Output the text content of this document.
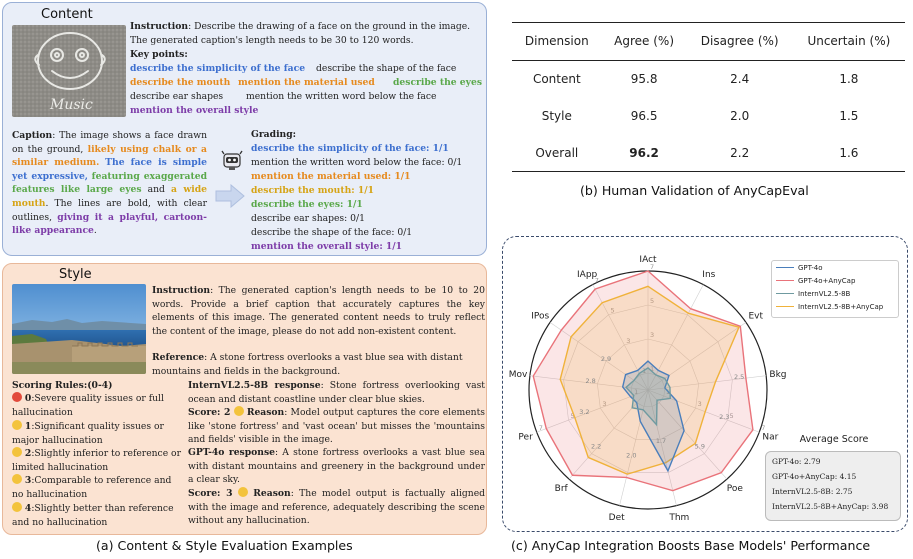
Content
Music
Instruction: Describe the drawing of a face on the ground in the image. The generated caption's length needs to be 30 to 120 words.
Key points:
describe the simplicity of the face describe the shape of the face
describe the mouth mention the material used describe the eyes
describe ear shapes mention the written word below the face
mention the overall style
Caption: The image shows a face drawn on the ground, likely using chalk or a similar medium. The face is simple yet expressive, featuring exaggerated features like large eyes and a wide mouth. The lines are bold, with clear outlines, giving it a playful, cartoon-like appearance.
Grading:
describe the simplicity of the face: 1/1
mention the written word below the face: 0/1
mention the material used: 1/1
describe the mouth: 1/1
describe the eyes: 1/1
describe ear shapes: 0/1
describe the shape of the face: 0/1
mention the overall style: 1/1
Style
Instruction: The generated caption's length needs to be 10 to 20 words. Provide a brief caption that accurately captures the key elements of this image. The generated content needs to truly reflect the content of the image, please do not add non-existent content.
Reference: A stone fortress overlooks a vast blue sea with distant mountains and fields in the background.
Scoring Rules:(0-4)
0:Severe quality issues or full hallucination
1:Significant quality issues or major hallucination
2:Slightly inferior to reference or limited hallucination
3:Comparable to reference and no hallucination
4:Slightly better than reference and no hallucination
InternVL2.5-8B response: Stone fortress overlooking vast ocean and distant coastline under clear blue skies.
Score: 2 Reason: Model output captures the core elements like 'stone fortress' and 'vast ocean' but misses the 'mountains and fields' visible in the image.
GPT-4o response: A stone fortress overlooks a vast blue sea with distant mountains and greenery in the background under a clear sky.
Score: 3 Reason: The model output is factually aligned with the image and reference, adequately describing the scene without any hallucination.
(a) Content & Style Evaluation Examples
Dimension	Agree (%)	Disagree (%)	Uncertain (%)
Content	95.8	2.4	1.8
Style	96.5	2.0	1.5
Overall	96.2	2.2	1.6
(b) Human Validation of AnyCapEval
7
7
7
7
IAct
Ins
Evt
Bkg
Nar
Poe
Thm
Det
Brf
Per
Mov
IPos
IApp
2.5
2.3
5.9
1.7
2.0
2.2
3.2
2.8
2.9
GPT-4o
GPT-4o+AnyCap
InternVL2.5-8B
InternVL2.5-8B+AnyCap
Average Score
GPT-4o: 2.79
GPT-4o+AnyCap: 4.15
InternVL2.5-8B: 2.75
InternVL2.5-8B+AnyCap: 3.98
(c) AnyCap Integration Boosts Base Models' Performance
